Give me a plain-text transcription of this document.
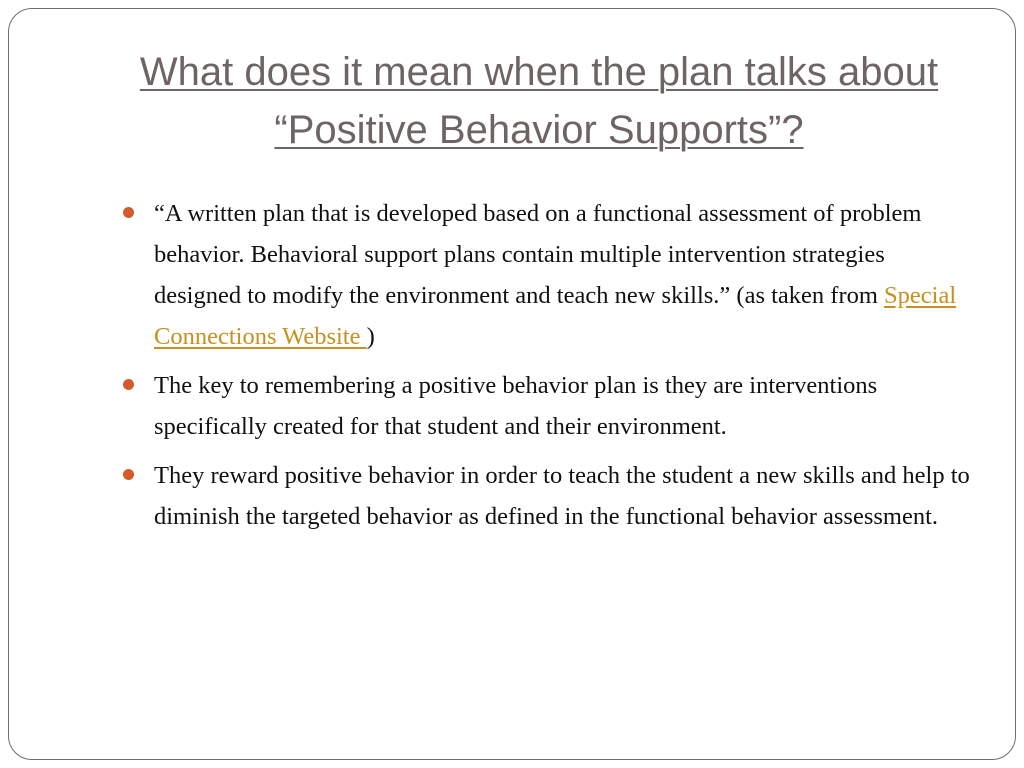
What does it mean when the plan talks about “Positive Behavior Supports”?
“A written plan that is developed based on a functional assessment of problem behavior. Behavioral support plans contain multiple intervention strategies designed to modify the environment and teach new skills.” (as taken from Special Connections Website )
The key to remembering a positive behavior plan is they are interventions specifically created for that student and their environment.
They reward positive behavior in order to teach the student a new skills and help to diminish the targeted behavior as defined in the functional behavior assessment.
